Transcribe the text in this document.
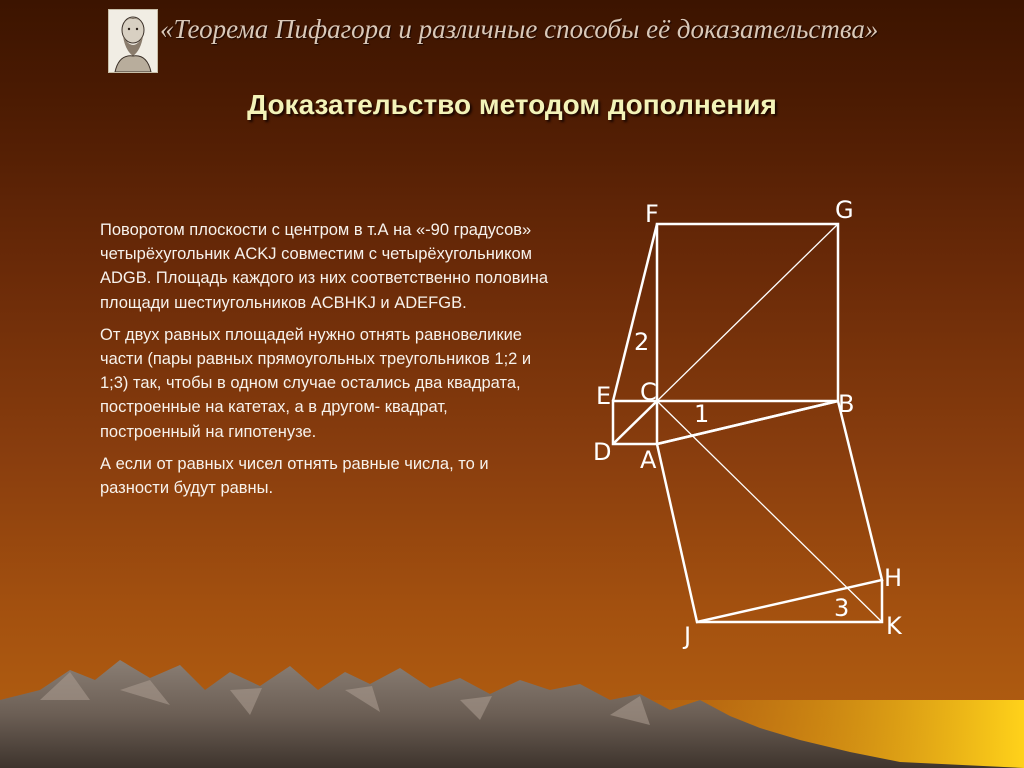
«Теорема Пифагора и различные способы её доказательства»
Доказательство методом дополнения

Поворотом плоскости с центром в т.А на «-90 градусов» четырёхугольник ACKJ совместим с четырёхугольником ADGB. Площадь каждого из них соответственно половина площади шестиугольников ACBHKJ и ADEFGB.

От двух равных площадей нужно отнять равновеликие части (пары равных прямоугольных треугольников 1;2 и 1;3) так, чтобы в одном случае остались два квадрата, построенные на катетах, а в другом- квадрат, построенный на гипотенузе.

А если от равных чисел отнять равные числа, то и разности будут равны.

F	G
E C	B
D A
H
J	K
1
2
3
